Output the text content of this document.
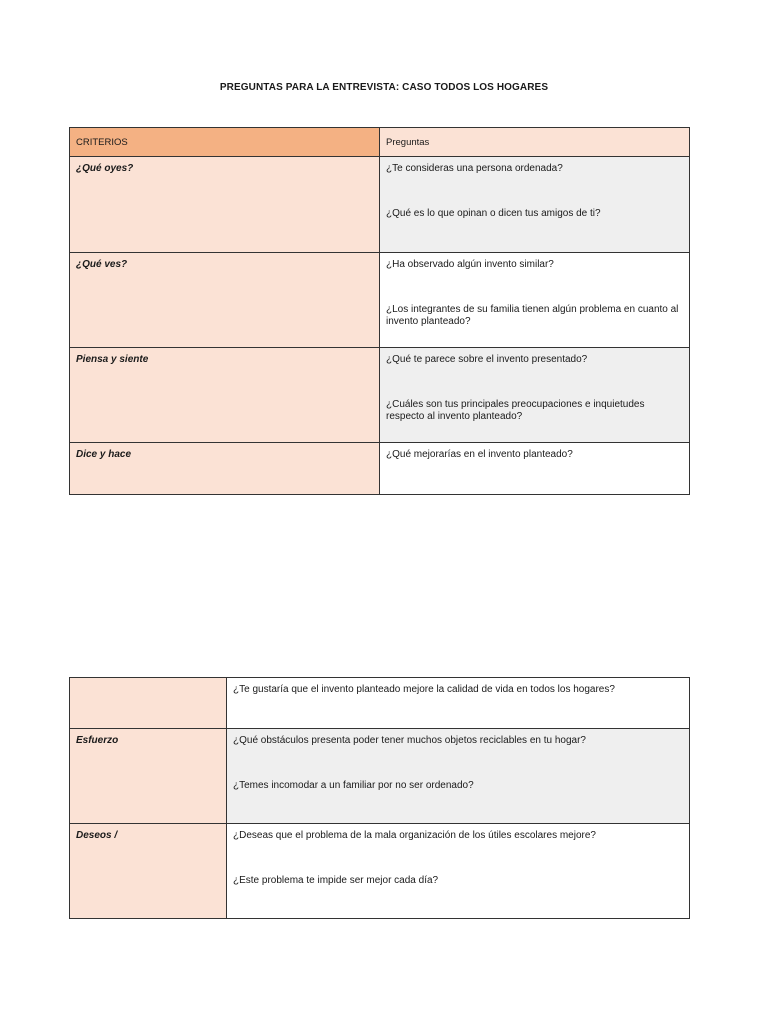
PREGUNTAS PARA LA ENTREVISTA: CASO TODOS LOS HOGARES
CRITERIOS	Preguntas
¿Qué oyes?	¿Te consideras una persona ordenada?
¿Qué es lo que opinan o dicen tus amigos de ti?

¿Qué ves?	¿Ha observado algún invento similar?
¿Los integrantes de su familia tienen algún problema en cuanto al invento planteado?

Piensa y siente	¿Qué te parece sobre el invento presentado?
¿Cuáles son tus principales preocupaciones e inquietudes respecto al invento planteado?

Dice y hace	¿Qué mejorarías en el invento planteado?

	¿Te gustaría que el invento planteado mejore la calidad de vida en todos los hogares?

Esfuerzo	¿Qué obstáculos presenta poder tener muchos objetos reciclables en tu hogar?
¿Temes incomodar a un familiar por no ser ordenado?

Deseos /	¿Deseas que el problema de la mala organización de los útiles escolares mejore?
¿Este problema te impide ser mejor cada día?
